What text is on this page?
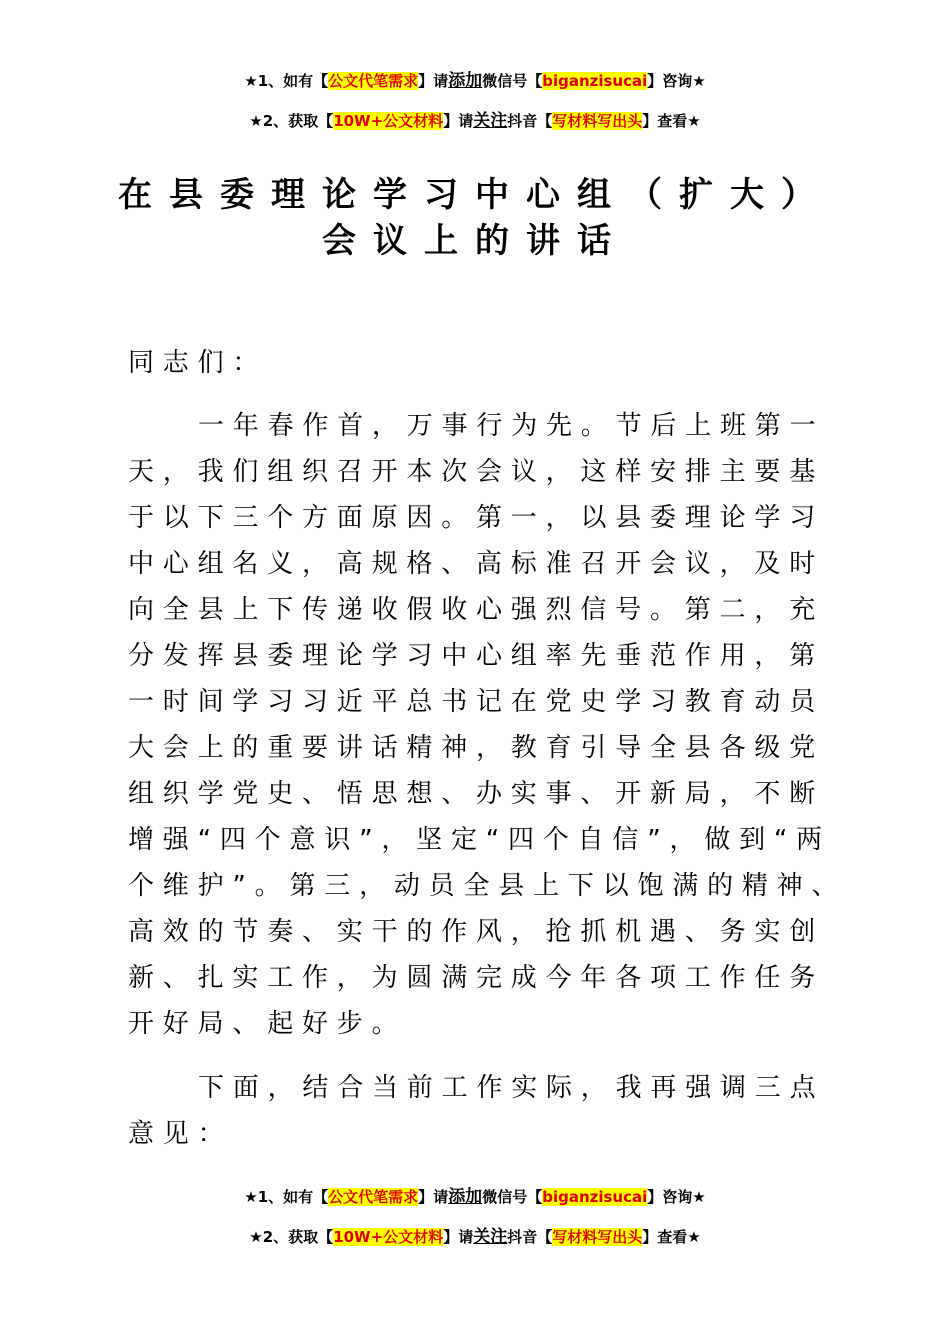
★1、如有【公文代笔需求】请添加微信号【biganzisucai】咨询★
★2、获取【10W+公文材料】请关注抖音【写材料写出头】查看★
在县委理论学习中心组（扩大）
会议上的讲话

同志们：

一年春作首，万事行为先。节后上班第一天，我们组织召开本次会议，这样安排主要基于以下三个方面原因。第一，以县委理论学习中心组名义，高规格、高标准召开会议，及时向全县上下传递收假收心强烈信号。第二，充分发挥县委理论学习中心组率先垂范作用，第一时间学习习近平总书记在党史学习教育动员大会上的重要讲话精神，教育引导全县各级党组织学党史、悟思想、办实事、开新局，不断增强“四个意识”，坚定“四个自信”，做到“两个维护”。第三，动员全县上下以饱满的精神、高效的节奏、实干的作风，抢抓机遇、务实创新、扎实工作，为圆满完成今年各项工作任务开好局、起好步。

下面，结合当前工作实际，我再强调三点意见：

★1、如有【公文代笔需求】请添加微信号【biganzisucai】咨询★
★2、获取【10W+公文材料】请关注抖音【写材料写出头】查看★
